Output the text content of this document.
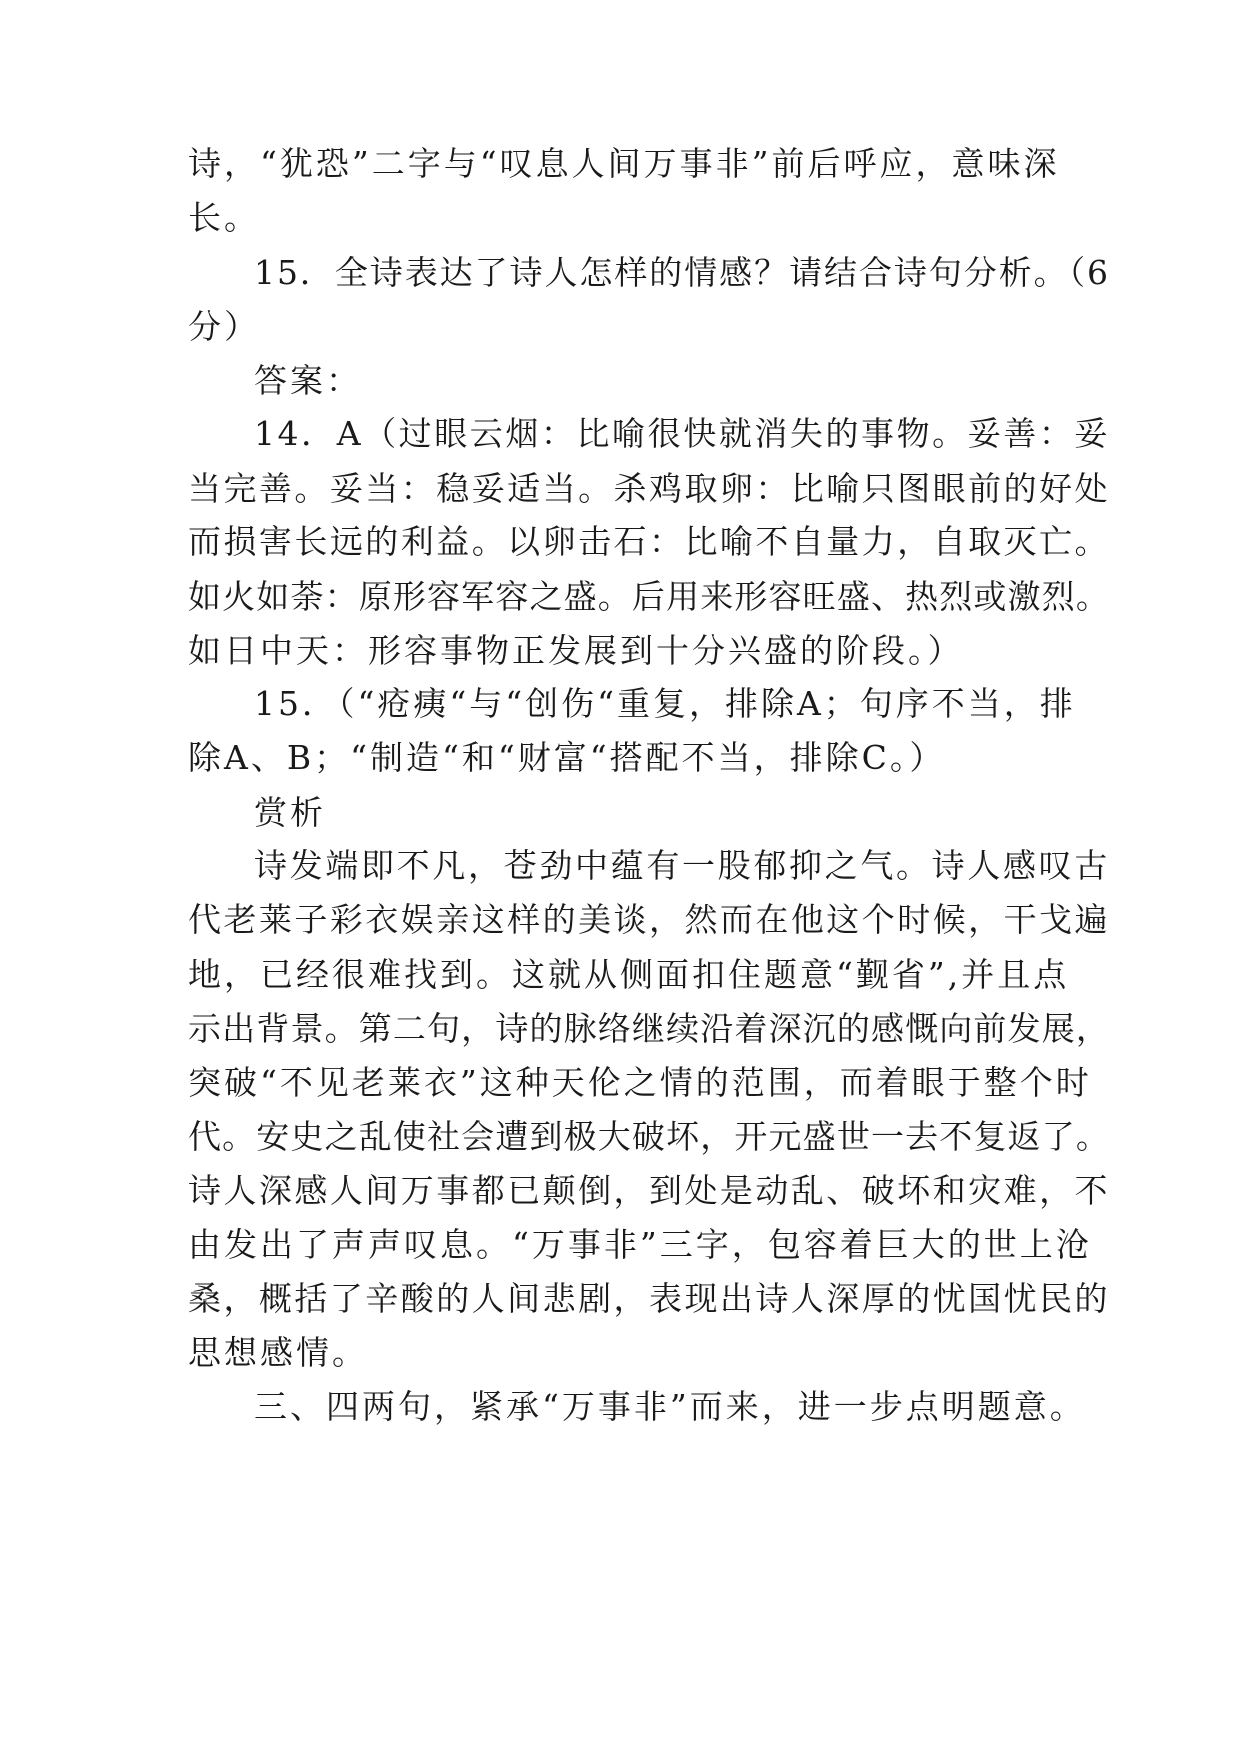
诗，“犹恐”二字与“叹息人间万事非”前后呼应，意味深
长。
15．全诗表达了诗人怎样的情感？请结合诗句分析。（6
分）
答案：
14．A（过眼云烟：比喻很快就消失的事物。妥善：妥
当完善。妥当：稳妥适当。杀鸡取卵：比喻只图眼前的好处
而损害长远的利益。以卵击石：比喻不自量力，自取灭亡。
如火如荼：原形容军容之盛。后用来形容旺盛、热烈或激烈。
如日中天：形容事物正发展到十分兴盛的阶段。）
15．（“疮痍“与“创伤“重复，排除A；句序不当，排
除A、B；“制造“和“财富“搭配不当，排除C。）
赏析
诗发端即不凡，苍劲中蕴有一股郁抑之气。诗人感叹古
代老莱子彩衣娱亲这样的美谈，然而在他这个时候，干戈遍
地，已经很难找到。这就从侧面扣住题意“觐省”,并且点
示出背景。第二句，诗的脉络继续沿着深沉的感慨向前发展，
突破“不见老莱衣”这种天伦之情的范围，而着眼于整个时
代。安史之乱使社会遭到极大破坏，开元盛世一去不复返了。
诗人深感人间万事都已颠倒，到处是动乱、破坏和灾难，不
由发出了声声叹息。“万事非”三字，包容着巨大的世上沧
桑，概括了辛酸的人间悲剧，表现出诗人深厚的忧国忧民的
思想感情。
三、四两句，紧承“万事非”而来，进一步点明题意。
